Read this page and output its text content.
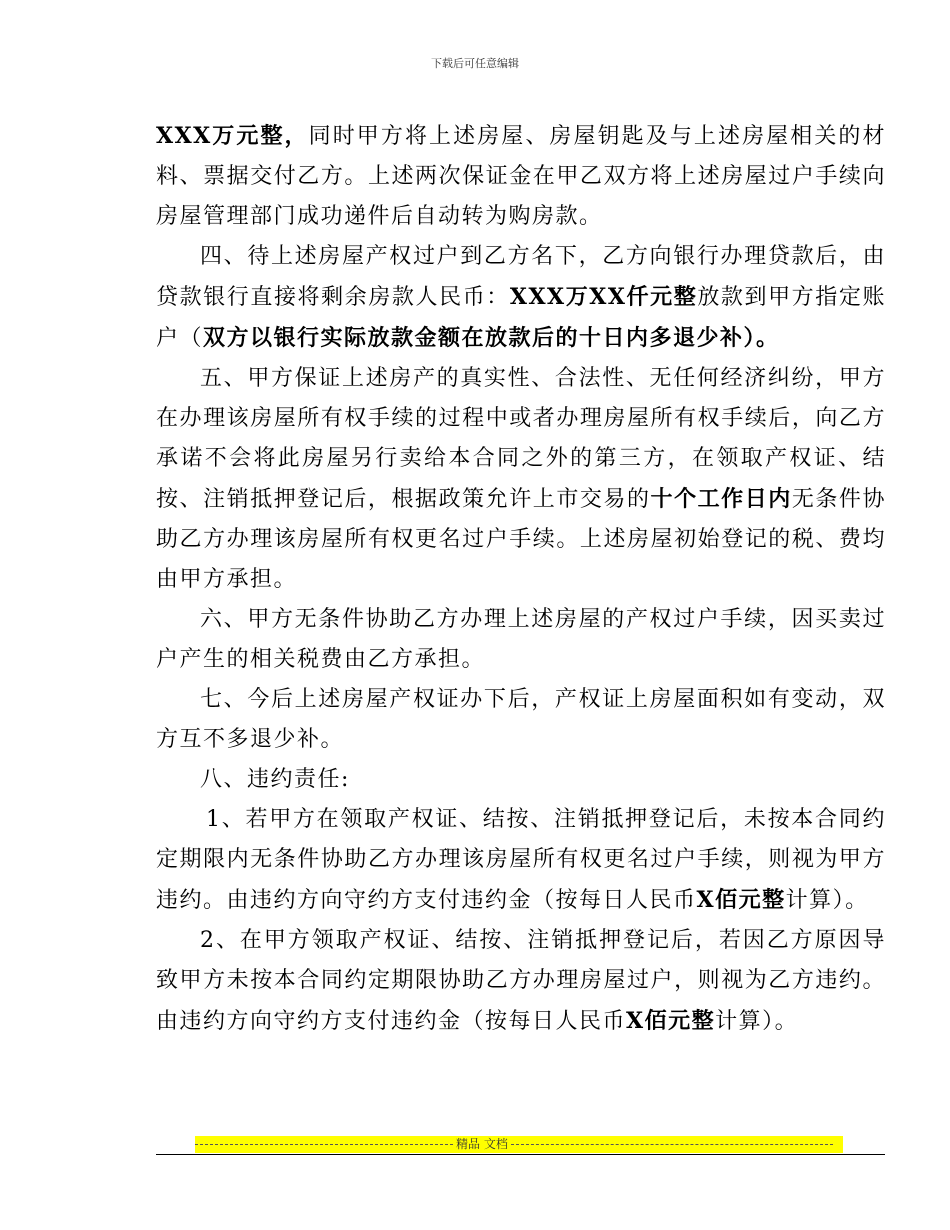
下载后可任意编辑

XXX万元整，同时甲方将上述房屋、房屋钥匙及与上述房屋相关的材料、票据交付乙方。上述两次保证金在甲乙双方将上述房屋过户手续向房屋管理部门成功递件后自动转为购房款。

四、待上述房屋产权过户到乙方名下，乙方向银行办理贷款后，由贷款银行直接将剩余房款人民币：XXX万XX仟元整放款到甲方指定账户（双方以银行实际放款金额在放款后的十日内多退少补）。

五、甲方保证上述房产的真实性、合法性、无任何经济纠纷，甲方在办理该房屋所有权手续的过程中或者办理房屋所有权手续后，向乙方承诺不会将此房屋另行卖给本合同之外的第三方，在领取产权证、结按、注销抵押登记后，根据政策允许上市交易的十个工作日内无条件协助乙方办理该房屋所有权更名过户手续。上述房屋初始登记的税、费均由甲方承担。

六、甲方无条件协助乙方办理上述房屋的产权过户手续，因买卖过户产生的相关税费由乙方承担。

七、今后上述房屋产权证办下后，产权证上房屋面积如有变动，双方互不多退少补。

八、违约责任:

1、若甲方在领取产权证、结按、注销抵押登记后，未按本合同约定期限内无条件协助乙方办理该房屋所有权更名过户手续，则视为甲方违约。由违约方向守约方支付违约金（按每日人民币X佰元整计算）。

2、在甲方领取产权证、结按、注销抵押登记后，若因乙方原因导致甲方未按本合同约定期限协助乙方办理房屋过户，则视为乙方违约。由违约方向守约方支付违约金（按每日人民币X佰元整计算）。

精品 文档
